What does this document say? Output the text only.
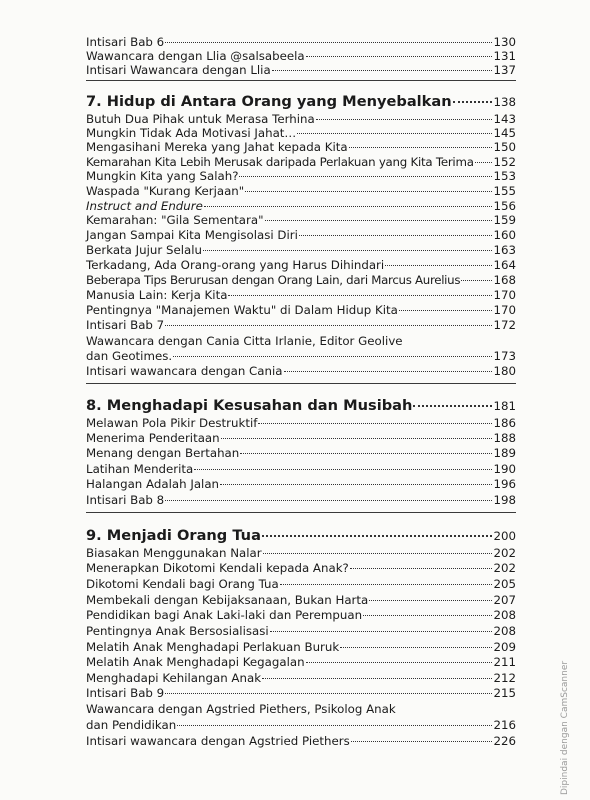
Intisari Bab 6	130
Wawancara dengan Llia @salsabeela	131
Intisari Wawancara dengan Llia	137
7. Hidup di Antara Orang yang Menyebalkan	138
Butuh Dua Pihak untuk Merasa Terhina	143
Mungkin Tidak Ada Motivasi Jahat…	145
Mengasihani Mereka yang Jahat kepada Kita	150
Kemarahan Kita Lebih Merusak daripada Perlakuan yang Kita Terima 152
Mungkin Kita yang Salah?	153
Waspada "Kurang Kerjaan"	155
Instruct and Endure	156
Kemarahan: "Gila Sementara"	159
Jangan Sampai Kita Mengisolasi Diri	160
Berkata Jujur Selalu	163
Terkadang, Ada Orang-orang yang Harus Dihindari	164
Beberapa Tips Berurusan dengan Orang Lain, dari Marcus Aurelius	168
Manusia Lain: Kerja Kita	170
Pentingnya "Manajemen Waktu" di Dalam Hidup Kita	170
Intisari Bab 7	172
Wawancara dengan Cania Citta Irlanie, Editor Geolive
dan Geotimes.	173
Intisari wawancara dengan Cania	180
8. Menghadapi Kesusahan dan Musibah	181
Melawan Pola Pikir Destruktif	186
Menerima Penderitaan	188
Menang dengan Bertahan	189
Latihan Menderita	190
Halangan Adalah Jalan	196
Intisari Bab 8	198
9. Menjadi Orang Tua	200
Biasakan Menggunakan Nalar	202
Menerapkan Dikotomi Kendali kepada Anak?	202
Dikotomi Kendali bagi Orang Tua	205
Membekali dengan Kebijaksanaan, Bukan Harta	207
Pendidikan bagi Anak Laki-laki dan Perempuan	208
Pentingnya Anak Bersosialisasi	208
Melatih Anak Menghadapi Perlakuan Buruk	209
Melatih Anak Menghadapi Kegagalan	211
Menghadapi Kehilangan Anak	212
Intisari Bab 9	215
Wawancara dengan Agstried Piethers, Psikolog Anak
dan Pendidikan	216
Intisari wawancara dengan Agstried Piethers	226	Dipindai dengan CamScanner
